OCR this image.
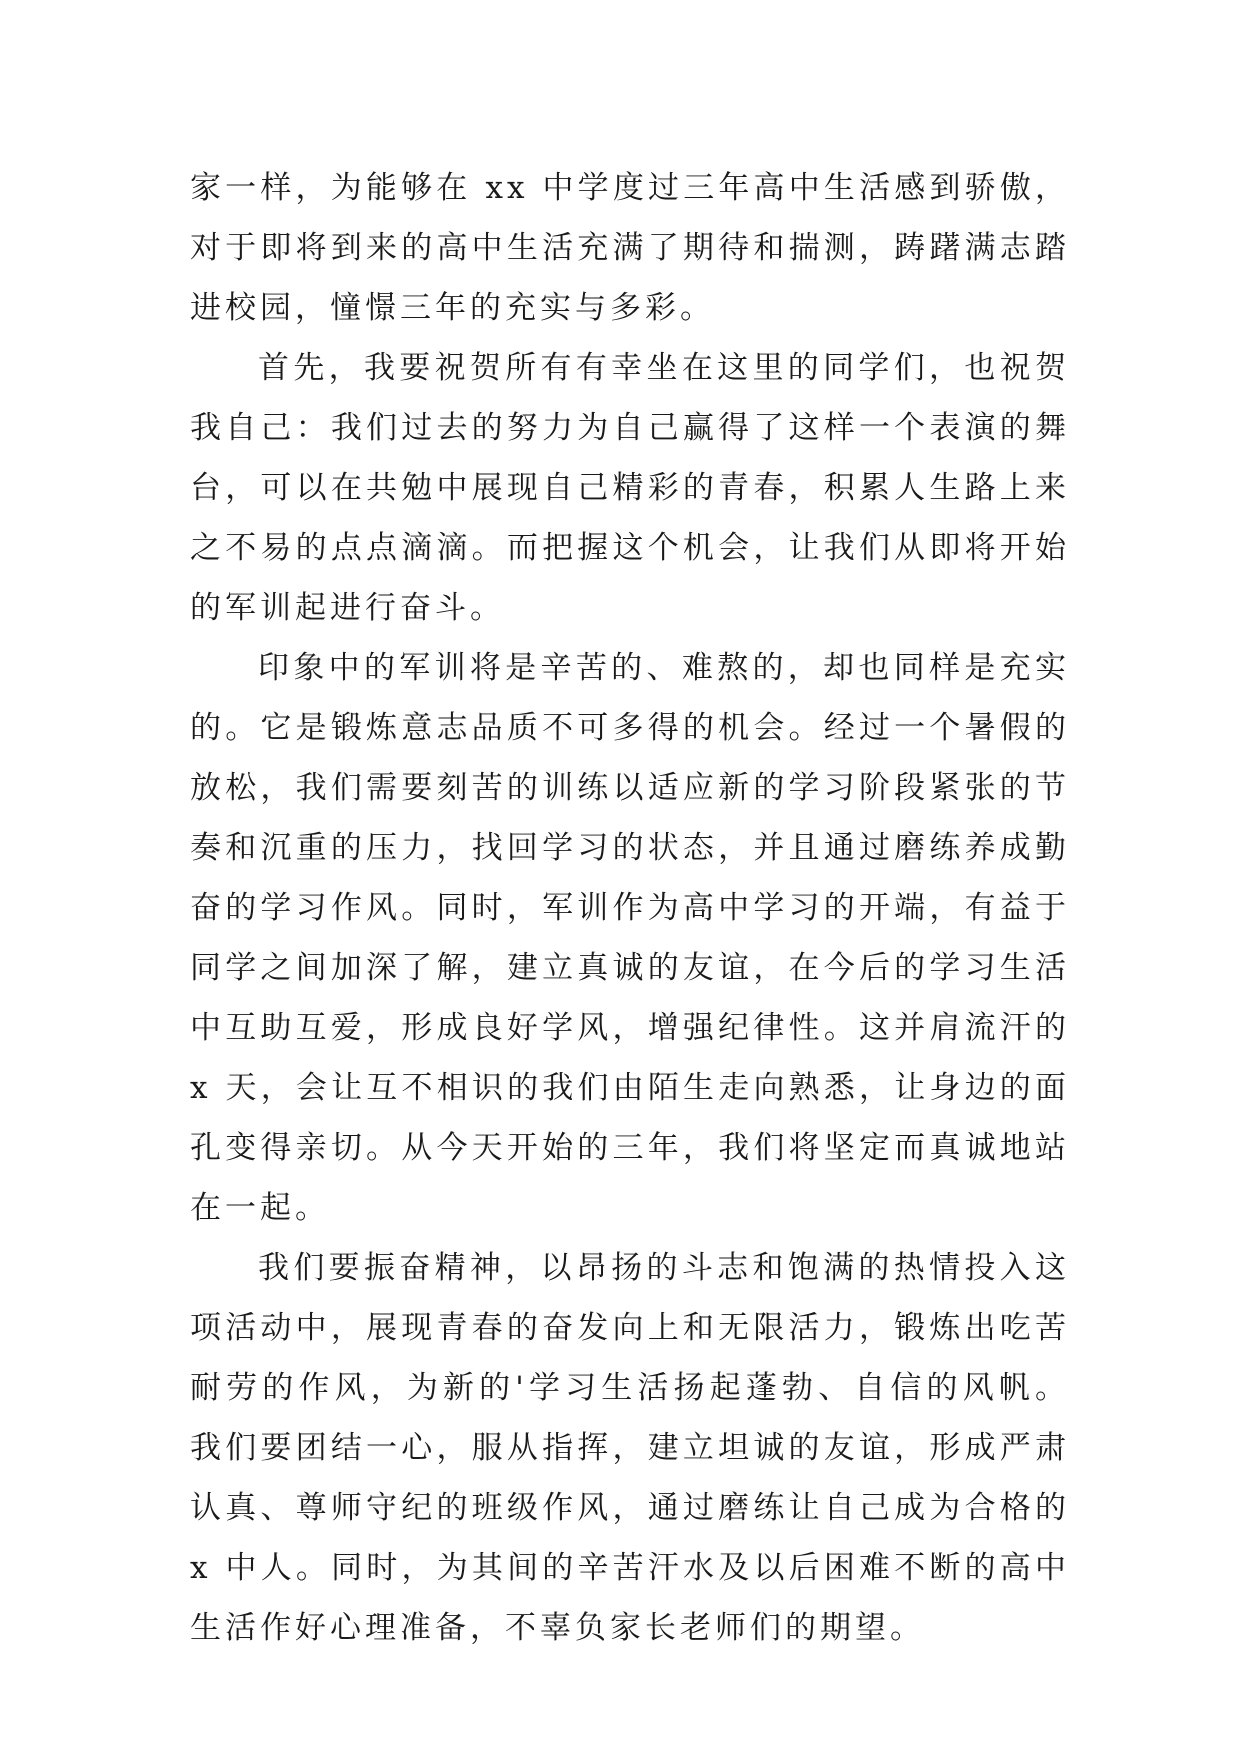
家一样，为能够在 xx 中学度过三年高中生活感到骄傲，对于即将到来的高中生活充满了期待和揣测，踌躇满志踏进校园，憧憬三年的充实与多彩。

首先，我要祝贺所有有幸坐在这里的同学们，也祝贺我自己：我们过去的努力为自己赢得了这样一个表演的舞台，可以在共勉中展现自己精彩的青春，积累人生路上来之不易的点点滴滴。而把握这个机会，让我们从即将开始的军训起进行奋斗。

印象中的军训将是辛苦的、难熬的，却也同样是充实的。它是锻炼意志品质不可多得的机会。经过一个暑假的放松，我们需要刻苦的训练以适应新的学习阶段紧张的节奏和沉重的压力，找回学习的状态，并且通过磨练养成勤奋的学习作风。同时，军训作为高中学习的开端，有益于同学之间加深了解，建立真诚的友谊，在今后的学习生活中互助互爱，形成良好学风，增强纪律性。这并肩流汗的 x 天，会让互不相识的我们由陌生走向熟悉，让身边的面孔变得亲切。从今天开始的三年，我们将坚定而真诚地站在一起。

我们要振奋精神，以昂扬的斗志和饱满的热情投入这项活动中，展现青春的奋发向上和无限活力，锻炼出吃苦耐劳的作风，为新的'学习生活扬起蓬勃、自信的风帆。我们要团结一心，服从指挥，建立坦诚的友谊，形成严肃认真、尊师守纪的班级作风，通过磨练让自己成为合格的 x 中人。同时，为其间的辛苦汗水及以后困难不断的高中生活作好心理准备，不辜负家长老师们的期望。
